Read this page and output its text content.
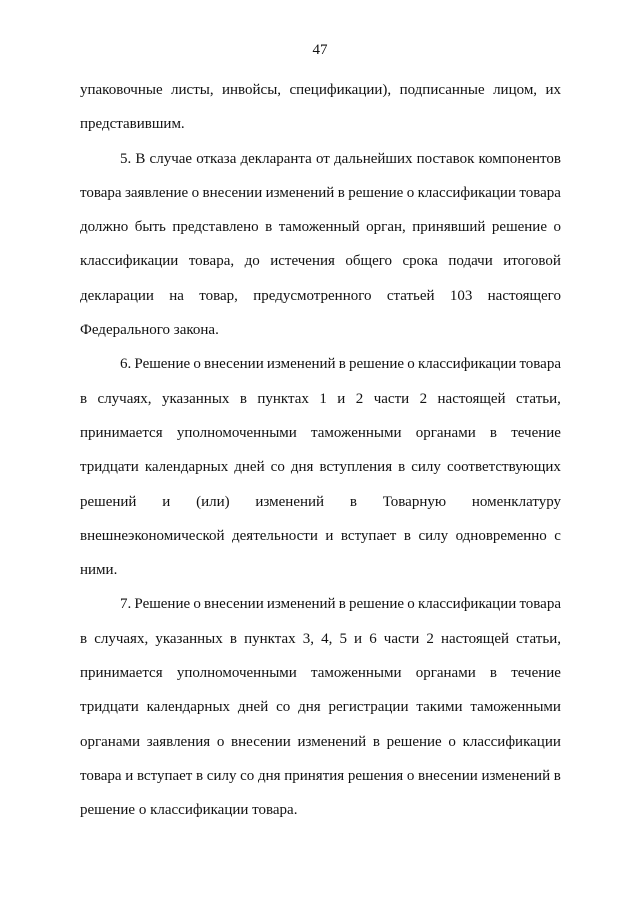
47
упаковочные листы, инвойсы, спецификации), подписанные лицом, их
представившим.
5. В случае отказа декларанта от дальнейших поставок компонентов
товара заявление о внесении изменений в решение о классификации товара
должно быть представлено в таможенный орган, принявший решение о
классификации товара, до истечения общего срока подачи итоговой
декларации на товар, предусмотренного статьей 103 настоящего
Федерального закона.
6. Решение о внесении изменений в решение о классификации товара
в случаях, указанных в пунктах 1 и 2 части 2 настоящей статьи,
принимается уполномоченными таможенными органами в течение
тридцати календарных дней со дня вступления в силу соответствующих
решений и (или) изменений в Товарную номенклатуру
внешнеэкономической деятельности и вступает в силу одновременно с
ними.
7. Решение о внесении изменений в решение о классификации товара
в случаях, указанных в пунктах 3, 4, 5 и 6 части 2 настоящей статьи,
принимается уполномоченными таможенными органами в течение
тридцати календарных дней со дня регистрации такими таможенными
органами заявления о внесении изменений в решение о классификации
товара и вступает в силу со дня принятия решения о внесении изменений в
решение о классификации товара.
